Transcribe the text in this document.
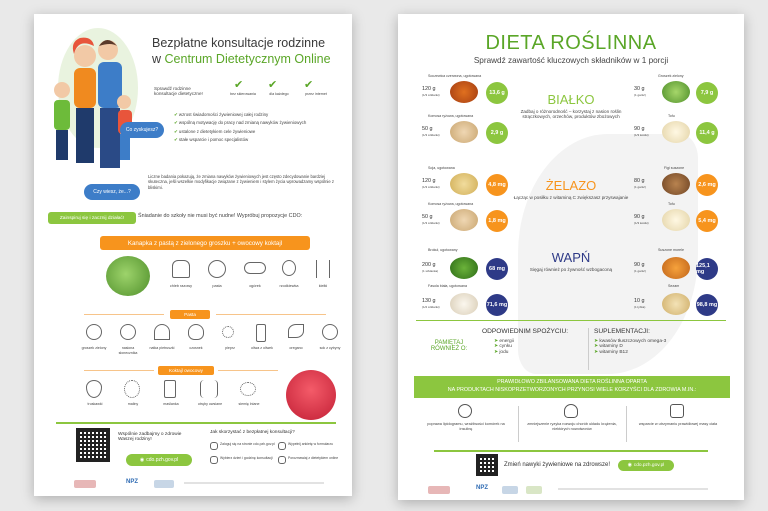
Bezpłatne konsultacje rodzinne
w Centrum Dietetycznym Online
Sprawdź rodzinne konsultacje dietetyczne!
✔ ✔ ✔
bez skierowania	dla każdego	przez internet
Co zyskujesz?
✔ wzrost świadomości żywieniowej całej rodziny
✔ wspólną motywację do pracy nad zmianą nawyków żywieniowych
✔ ustalone z dietetykiem cele żywieniowe
✔ stałe wsparcie i pomoc specjalistów
Czy wiesz, że...?
Liczne badania pokazują, że zmiana nawyków żywieniowych jest często zdecydowanie bardziej skuteczna, jeśli wszelkie modyfikacje związane z żywieniem i stylem życia wprowadzamy wspólnie z bliskimi.
Zainspiruj się i zacznij działać!	Śniadanie do szkoły nie musi być nudne! Wypróbuj propozycje CDO:
Kanapka z pastą z zielonego groszku + owocowy koktajl
chleb razowy	pasta	ogórek	rzodkiewka	kiełki
Pasta
groszek zielony	nasiona słonecznika
natka pietruszki	czosnek	pieprz	oliwa z oliwek	oregano	sok z cytryny
Koktajl owocowy
truskawki	maliny	maślanka	otręby owsiane	siemię lniane
Wspólnie zadbajmy o zdrowie Waszej rodziny!
◉ cdo.pzh.gov.pl
Jak skorzystać z bezpłatnej konsultacji?
Zaloguj się na stronie cdo.pzh.gov.pl	Wypełnij ankietę w formularzu
Wybierz dzień i godzinę konsultacji	Porozmawiaj z dietetykiem online
NPZ
DIETA ROŚLINNA
Sprawdź zawartość kluczowych składników w 1 porcji
BIAŁKO
Zadbaj o różnorodność – korzystaj z nasion roślin strączkowych, orzechów, produktów zbożowych
ŻELAZO
Łącząc w posiłku z witaminą C zwiększasz przyswajanie
WAPŃ
Sięgaj również po żywność wzbogaconą
Soczewica czerwona, ugotowana
120 g
(1/3 szklanki)	13,6 g
Komosa ryżowa, ugotowana
50 g
(1/3 szklanki)	2,9 g
Soja, ugotowana
120 g
(1/3 szklanki)	4,8 mg
Komosa ryżowa, ugotowana
50 g
(1/3 szklanki)	1,8 mg
Brokuł, ugotowany
200 g
(1 szklanka)	68 mg
Fasola biała, ugotowana
130 g
(1/2 szklanki)	71,6 mg
Groszek zielony
30 g
(1 garść)	7,9 g
Tofu
90 g
(1/3 kostki)	11,4 g
Figi suszone
80 g
(1 garść)	2,6 mg
Tofu
90 g
(1/3 kostki)	5,4 mg
Suszone morele
90 g
(1 garść)
125,1 mg
Sezam
10 g
(1 łyżka)	98,8 mg
PAMIĘTAJ RÓWNIEŻ O:
ODPOWIEDNIM SPOŻYCIU:
➤ energii
➤ cynku
➤ jodu
SUPLEMENTACJI:
➤ kwasów tłuszczowych omega-3
➤ witaminy D
➤ witaminy B12
PRAWIDŁOWO ZBILANSOWANA DIETA ROŚLINNA OPARTA
NA PRODUKTACH NISKOPRZETWORZONYCH PRZYNOSI WIELE KORZYŚCI DLA ZDROWIA M.IN.:
poprawa lipidogramu, wrażliwości komórek na insulinę
zmniejszenie ryzyka rozwoju chorób układu krążenia, niektórych nowotworów
wsparcie w utrzymaniu prawidłowej masy ciała
Zmień nawyki żywieniowe na zdrowsze!	◉ cdo.pzh.gov.pl
NPZ
